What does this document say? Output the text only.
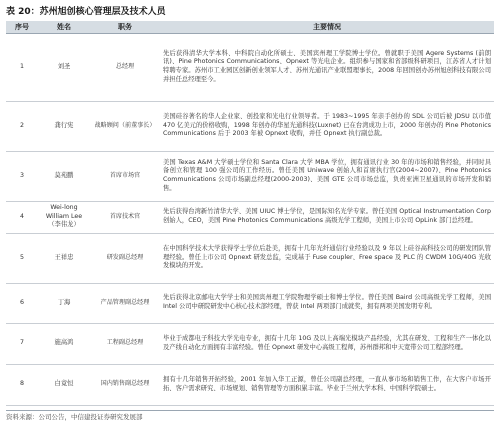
表 20：苏州旭创核心管理层及技术人员
序号	姓名	职务	主要情况
1	刘圣	总经理	先后获得清华大学本科、中科院自动化所硕士、美国宾州理工学院博士学位。曾就职于美国 Agere Systems (前朗讯)、Pine Photonics Communications、Opnext 等光电企业。组织参与国家和省部级科研项目，江苏省人才计划特聘专家。苏州市工业园区创新创业领军人才、苏州光通讯产业联盟理事长，2008 年回国创办苏州旭创科技有限公司并担任总经理至今。
2	龚行宪	战略顾问（前董事长）	美国硅谷著名的华人企业家、创投家和光电行业领导者。于 1983~1995 年亲手创办的 SDL 公司后被 JDSU 以市值 470 亿美元的价格收购，1998 年创办的华星光通科技(Luxnet) 已在台湾成功上市，2000 年创办的 Pine Photonics Communications 后于 2003 年被 Opnext 收购，并任 Opnext 执行副总裁。
3	莫苑鹏	首席市场官	美国 Texas A&M 大学硕士学位和 Santa Clara 大学 MBA 学位，拥有通讯行业 30 年的市场和销售经验，并同时具备创立和管理 100 强公司的工作经历。曾任美国 Uniwave 创始人和首席执行官(2004~2007)、Pine Photonics Communications 公司市场副总经理(2000-2003)、美国 GTE 公司市场总监，负责亚洲卫星通讯的市场开发和销售。
4	Wei-long William Lee（李伟龙）	首席技术官	先后获得台湾新竹清华大学、美国 UIUC 博士学位，是国际知名光学专家。曾任美国 Optical Instrumentation Corp 创始人，CEO，美国 Pine Photonics Communications 高级光学工程师，美国上市公司 OpLink 部门总经理。
5	王祥忠	研发副总经理	在中国科学技术大学获得学士学位后赴美，拥有十几年光纤通信行业经验以及 9 年以上硅谷高科技公司的研发团队管理经验。曾任上市公司 Opnext 研发总监，完成基于 Fuse coupler、Free space 及 PLC 的 CWDM 10G/40G 光收发模块的开发。
6	丁海	产品管理副总经理	先后获得北京邮电大学学士和美国宾州理工学院物理学硕士和博士学位。曾任美国 Baird 公司高级光学工程师，美国 Intel 公司中研院研发中心核心技术部经理，曾获 Intel 两项部门成就奖，拥有两项美国发明专利。
7	施高鸿	工程副总经理	毕业于成都电子科技大学光电专业，拥有十几年 10G 及以上高端光模块产品经验，尤其在研发、工程和生产一体化以及产线自动化方面拥有丰富经验。曾任 Opnext 研发中心高级工程师，苏州群邦和中天宽带公司工程部经理。
8	白竟恒	国内销售副总经理	拥有十几年销售开拓经验，2001 年加入华工正源，曾任公司副总经理，一直从事市场和销售工作，在大客户市场开拓、客户需求研究、市场规划、销售管理等方面积累丰富。毕业于兰州大学本科、中国科学院硕士。
资料来源：公司公告，中信建投证券研究发展部
